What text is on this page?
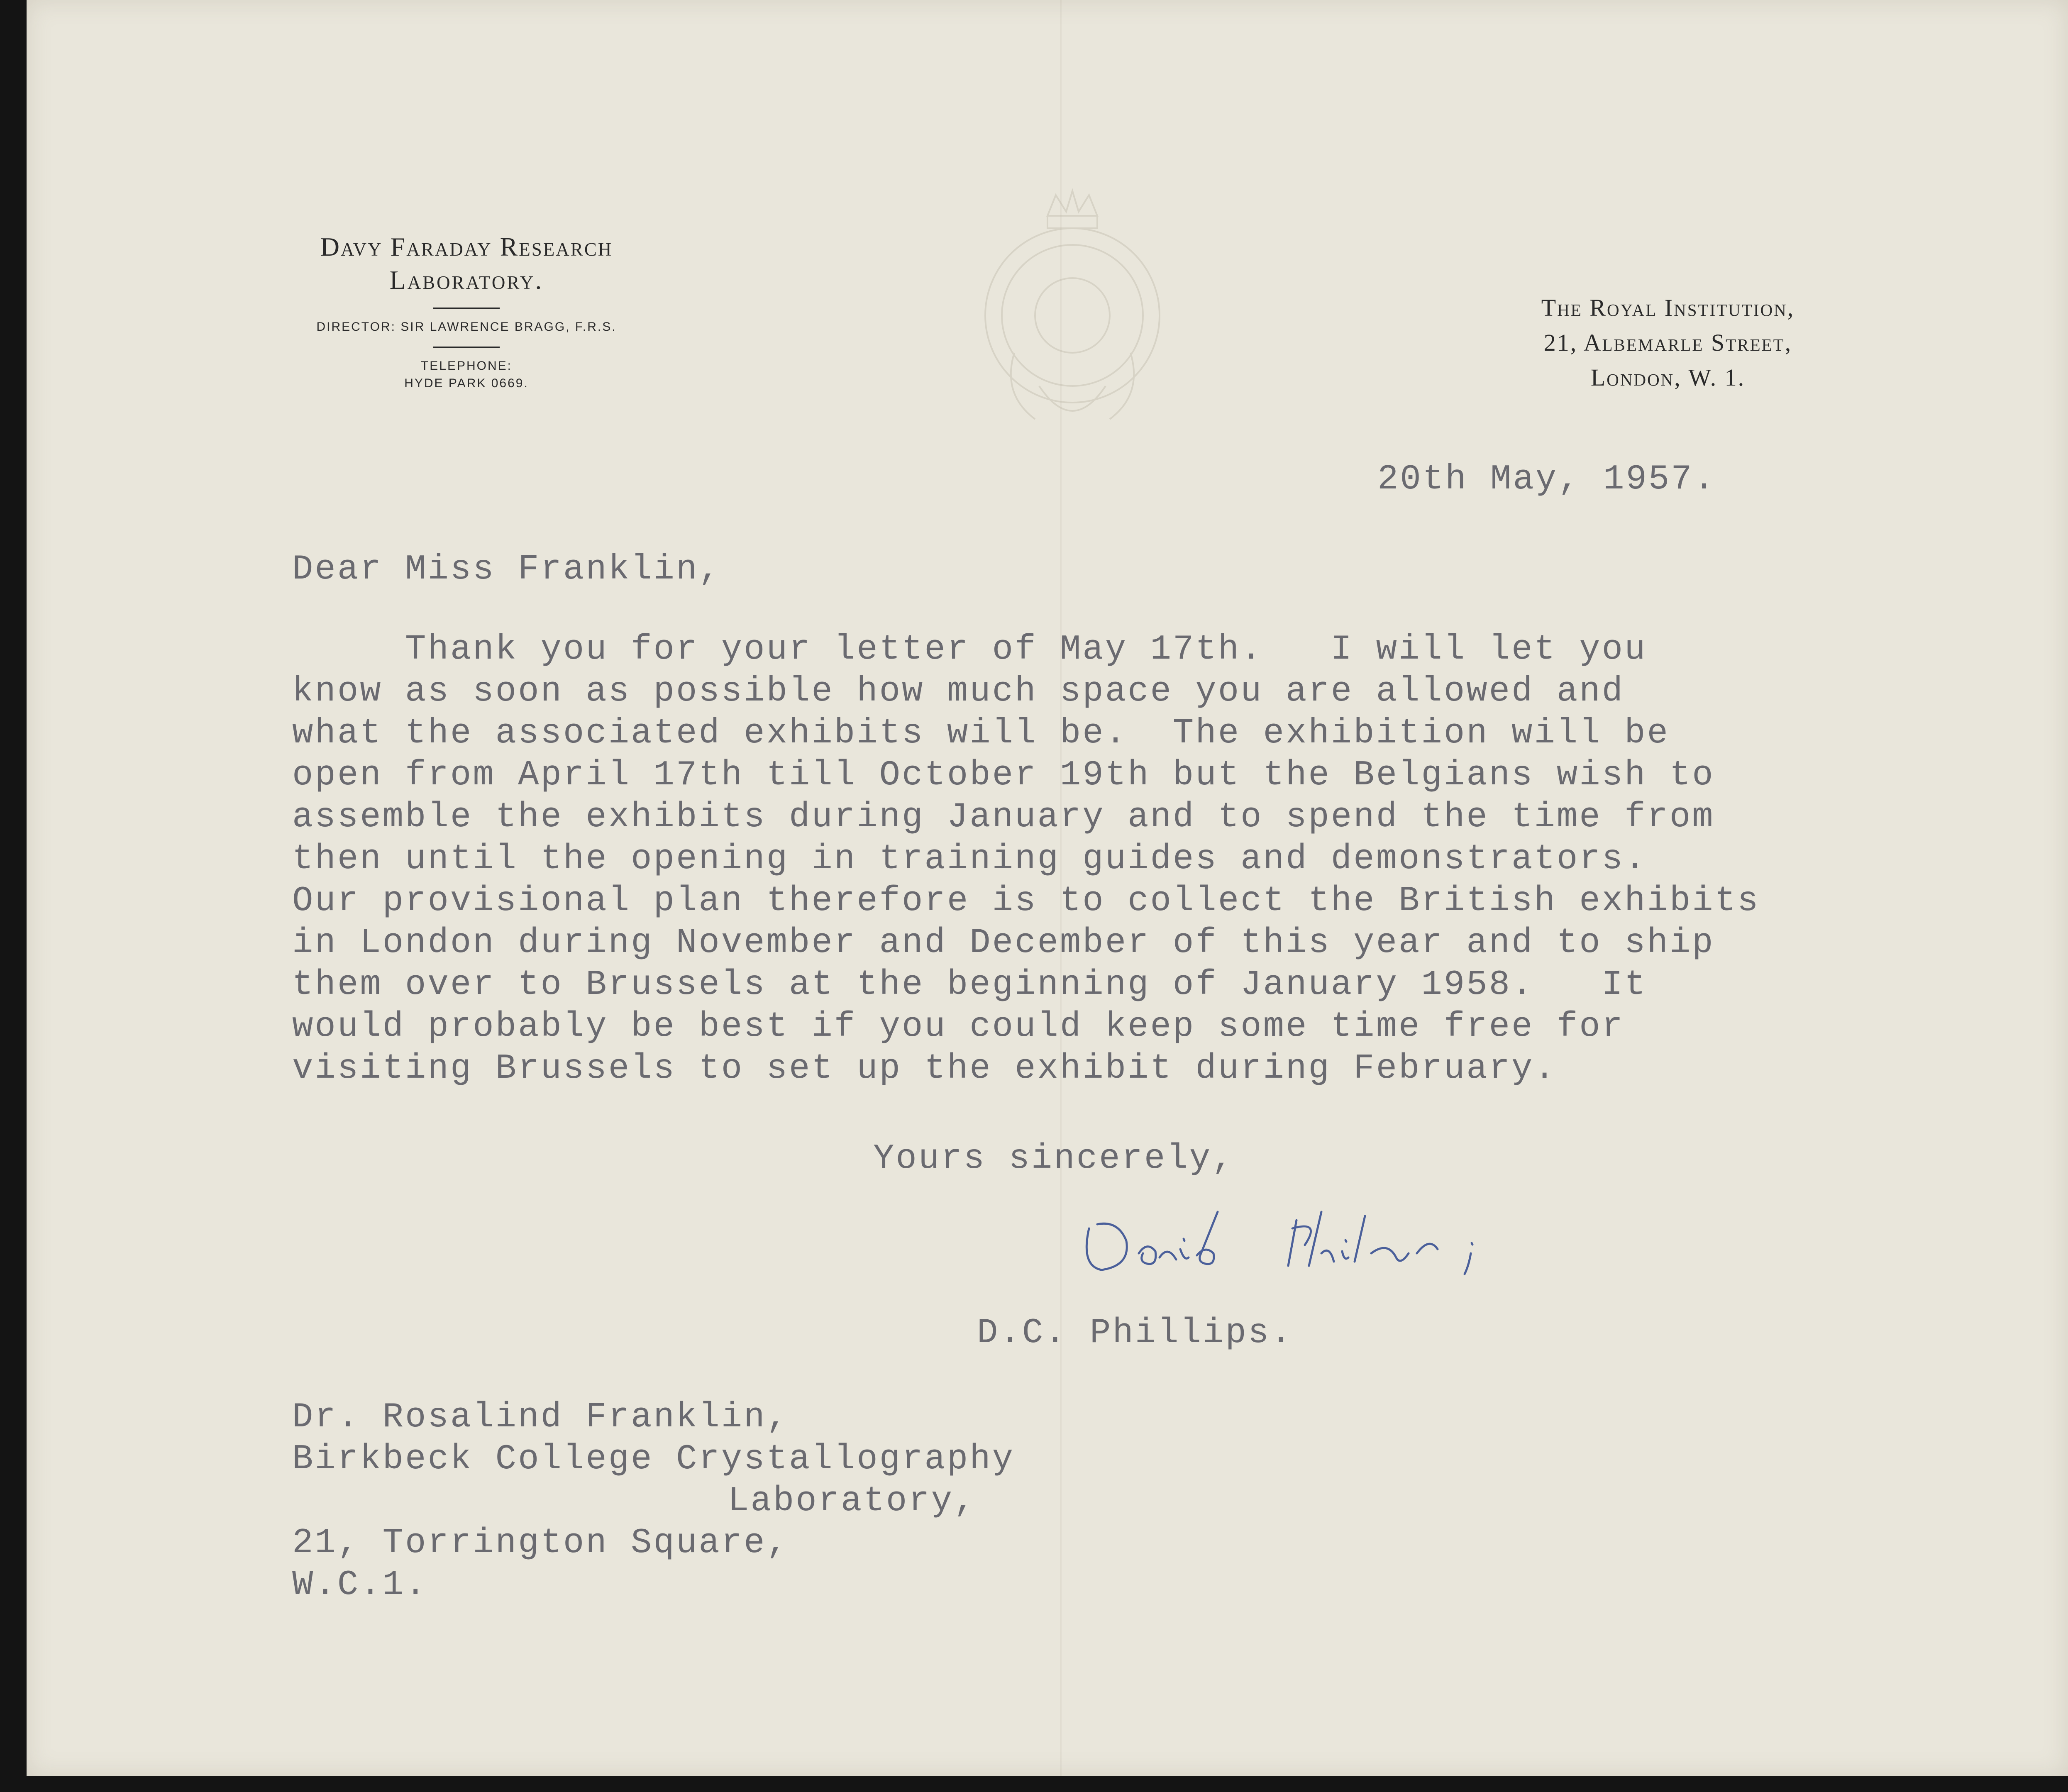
Davy Faraday Research
Laboratory.
DIRECTOR: SIR LAWRENCE BRAGG, F.R.S.
TELEPHONE:
HYDE PARK 0669.
The Royal Institution,
21, Albemarle Street,
London, W. 1.
20th May, 1957.
Dear Miss Franklin,
Thank you for your letter of May 17th.   I will let you
know as soon as possible how much space you are allowed and
what the associated exhibits will be.  The exhibition will be
open from April 17th till October 19th but the Belgians wish to
assemble the exhibits during January and to spend the time from
then until the opening in training guides and demonstrators.
Our provisional plan therefore is to collect the British exhibits
in London during November and December of this year and to ship
them over to Brussels at the beginning of January 1958.   It
would probably be best if you could keep some time free for
visiting Brussels to set up the exhibit during February.
Yours sincerely,
D.C. Phillips.
Dr. Rosalind Franklin,
Birkbeck College Crystallography
Laboratory,
21, Torrington Square,
W.C.1.
